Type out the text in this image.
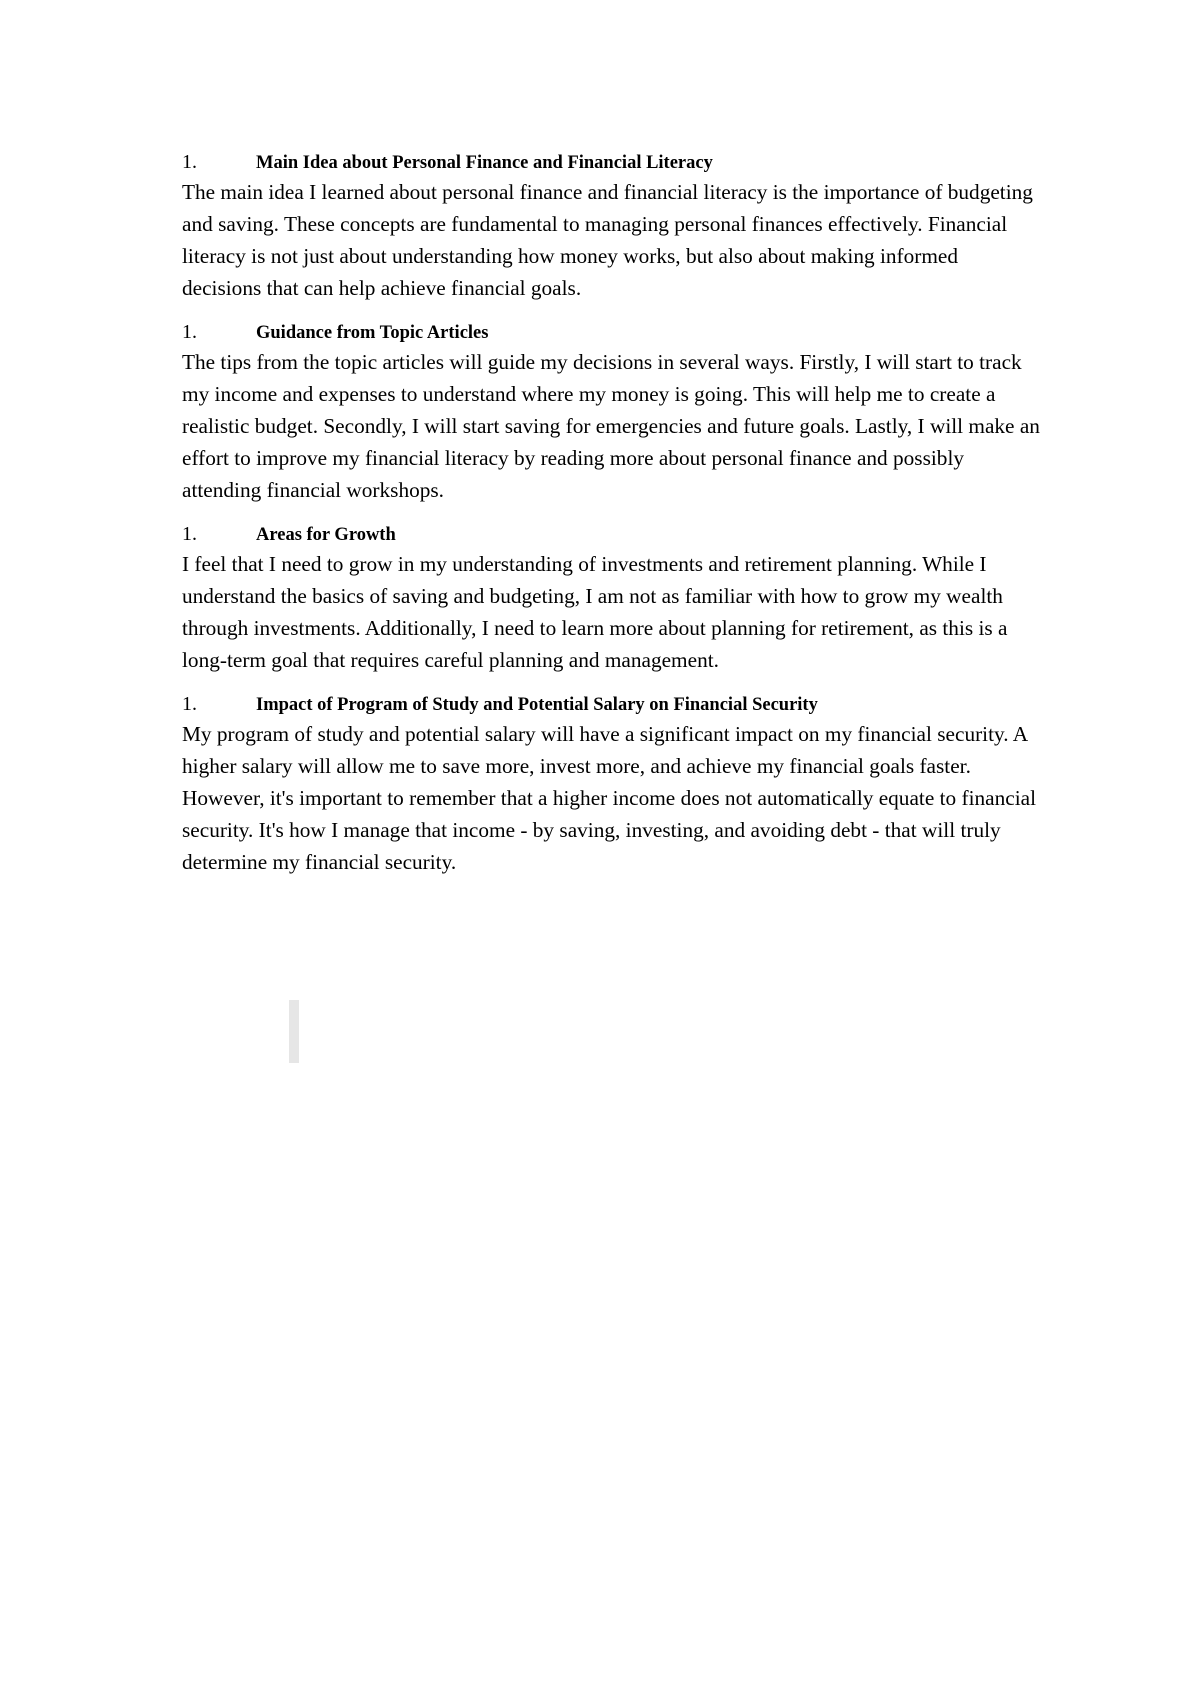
1.	Main Idea about Personal Finance and Financial Literacy

The main idea I learned about personal finance and financial literacy is the importance of budgeting and saving. These concepts are fundamental to managing personal finances effectively. Financial literacy is not just about understanding how money works, but also about making informed decisions that can help achieve financial goals.

1.	Guidance from Topic Articles

The tips from the topic articles will guide my decisions in several ways. Firstly, I will start to track my income and expenses to understand where my money is going. This will help me to create a realistic budget. Secondly, I will start saving for emergencies and future goals. Lastly, I will make an effort to improve my financial literacy by reading more about personal finance and possibly attending financial workshops.

1.	Areas for Growth

I feel that I need to grow in my understanding of investments and retirement planning. While I understand the basics of saving and budgeting, I am not as familiar with how to grow my wealth through investments. Additionally, I need to learn more about planning for retirement, as this is a long-term goal that requires careful planning and management.

1.	Impact of Program of Study and Potential Salary on Financial Security

My program of study and potential salary will have a significant impact on my financial security. A higher salary will allow me to save more, invest more, and achieve my financial goals faster. However, it's important to remember that a higher income does not automatically equate to financial security. It's how I manage that income - by saving, investing, and avoiding debt - that will truly determine my financial security.
